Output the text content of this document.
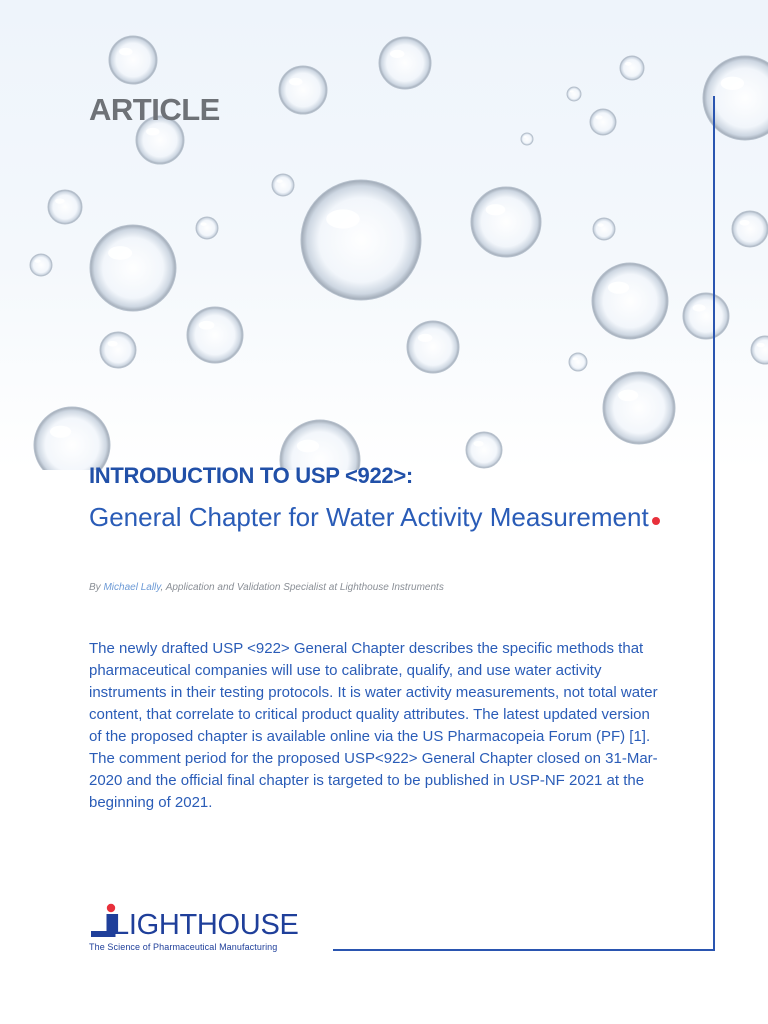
ARTICLE
INTRODUCTION TO USP <922>:
General Chapter for Water Activity Measurement
By Michael Lally, Application and Validation Specialist at Lighthouse Instruments
The newly drafted USP <922> General Chapter describes the specific methods that pharmaceutical companies will use to calibrate, qualify, and use water activity instruments in their testing protocols. It is water activity measurements, not total water content, that correlate to critical product quality attributes. The latest updated version of the proposed chapter is available online via the US Pharmacopeia Forum (PF) [1]. The comment period for the proposed USP<922> General Chapter closed on 31-Mar-2020 and the official final chapter is targeted to be published in USP-NF 2021 at the beginning of 2021.
LIGHTHOUSE
The Science of Pharmaceutical Manufacturing
